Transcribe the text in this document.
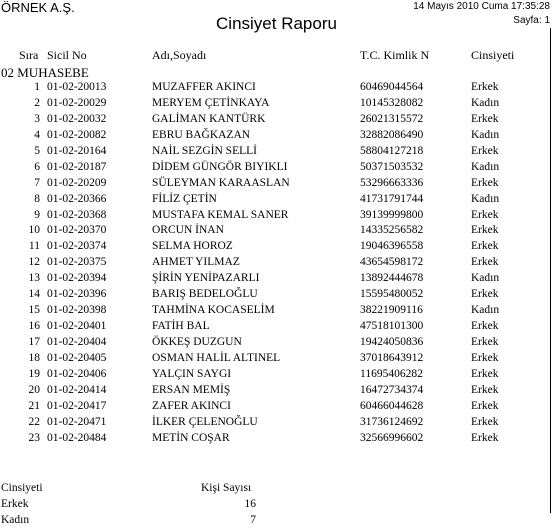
ÖRNEK A.Ş.	14 Mayıs 2010 Cuma 17:35:28
Sayfa: 1
Cinsiyet Raporu
Sıra Sicil No	Adı,Soyadı	T.C. Kimlik N	Cinsiyeti
02 MUHASEBE
1 01-02-20013	MUZAFFER AKINCI	60469044564	Erkek
2 01-02-20029	MERYEM ÇETİNKAYA	10145328082	Kadın
3 01-02-20032	GALİMAN KANTÜRK	26021315572	Erkek
4 01-02-20082	EBRU BAĞKAZAN	32882086490	Kadın
5 01-02-20164	NAİL SEZGİN SELLİ	58804127218	Erkek
6 01-02-20187	DİDEM GÜNGÖR BIYIKLI	50371503532	Kadın
7 01-02-20209	SÜLEYMAN KARAASLAN	53296663336	Erkek
8 01-02-20366	FİLİZ ÇETİN	41731791744	Kadın
9 01-02-20368	MUSTAFA KEMAL SANER	39139999800	Erkek
10 01-02-20370	ORCUN İNAN	14335256582	Erkek
11 01-02-20374	SELMA HOROZ	19046396558	Erkek
12 01-02-20375	AHMET YILMAZ	43654598172	Erkek
13 01-02-20394	ŞİRİN YENİPAZARLI	13892444678	Kadın
14 01-02-20396	BARIŞ BEDELOĞLU	15595480052	Erkek
15 01-02-20398	TAHMİNA KOCASELİM	38221909116	Kadın
16 01-02-20401	FATİH BAL	47518101300	Erkek
17 01-02-20404	ÖKKEŞ DUZGUN	19424050836	Erkek
18 01-02-20405	OSMAN HALİL ALTINEL	37018643912	Erkek
19 01-02-20406	YALÇIN SAYGI	11695406282	Erkek
20 01-02-20414	ERSAN MEMİŞ	16472734374	Erkek
21 01-02-20417	ZAFER AKINCI	60466044628	Erkek
22 01-02-20471	İLKER ÇELENOĞLU	31736124692	Erkek
23 01-02-20484	METİN COŞAR	32566996602	Erkek
Cinsiyeti	Kişi Sayısı
Erkek	16
Kadın	7
